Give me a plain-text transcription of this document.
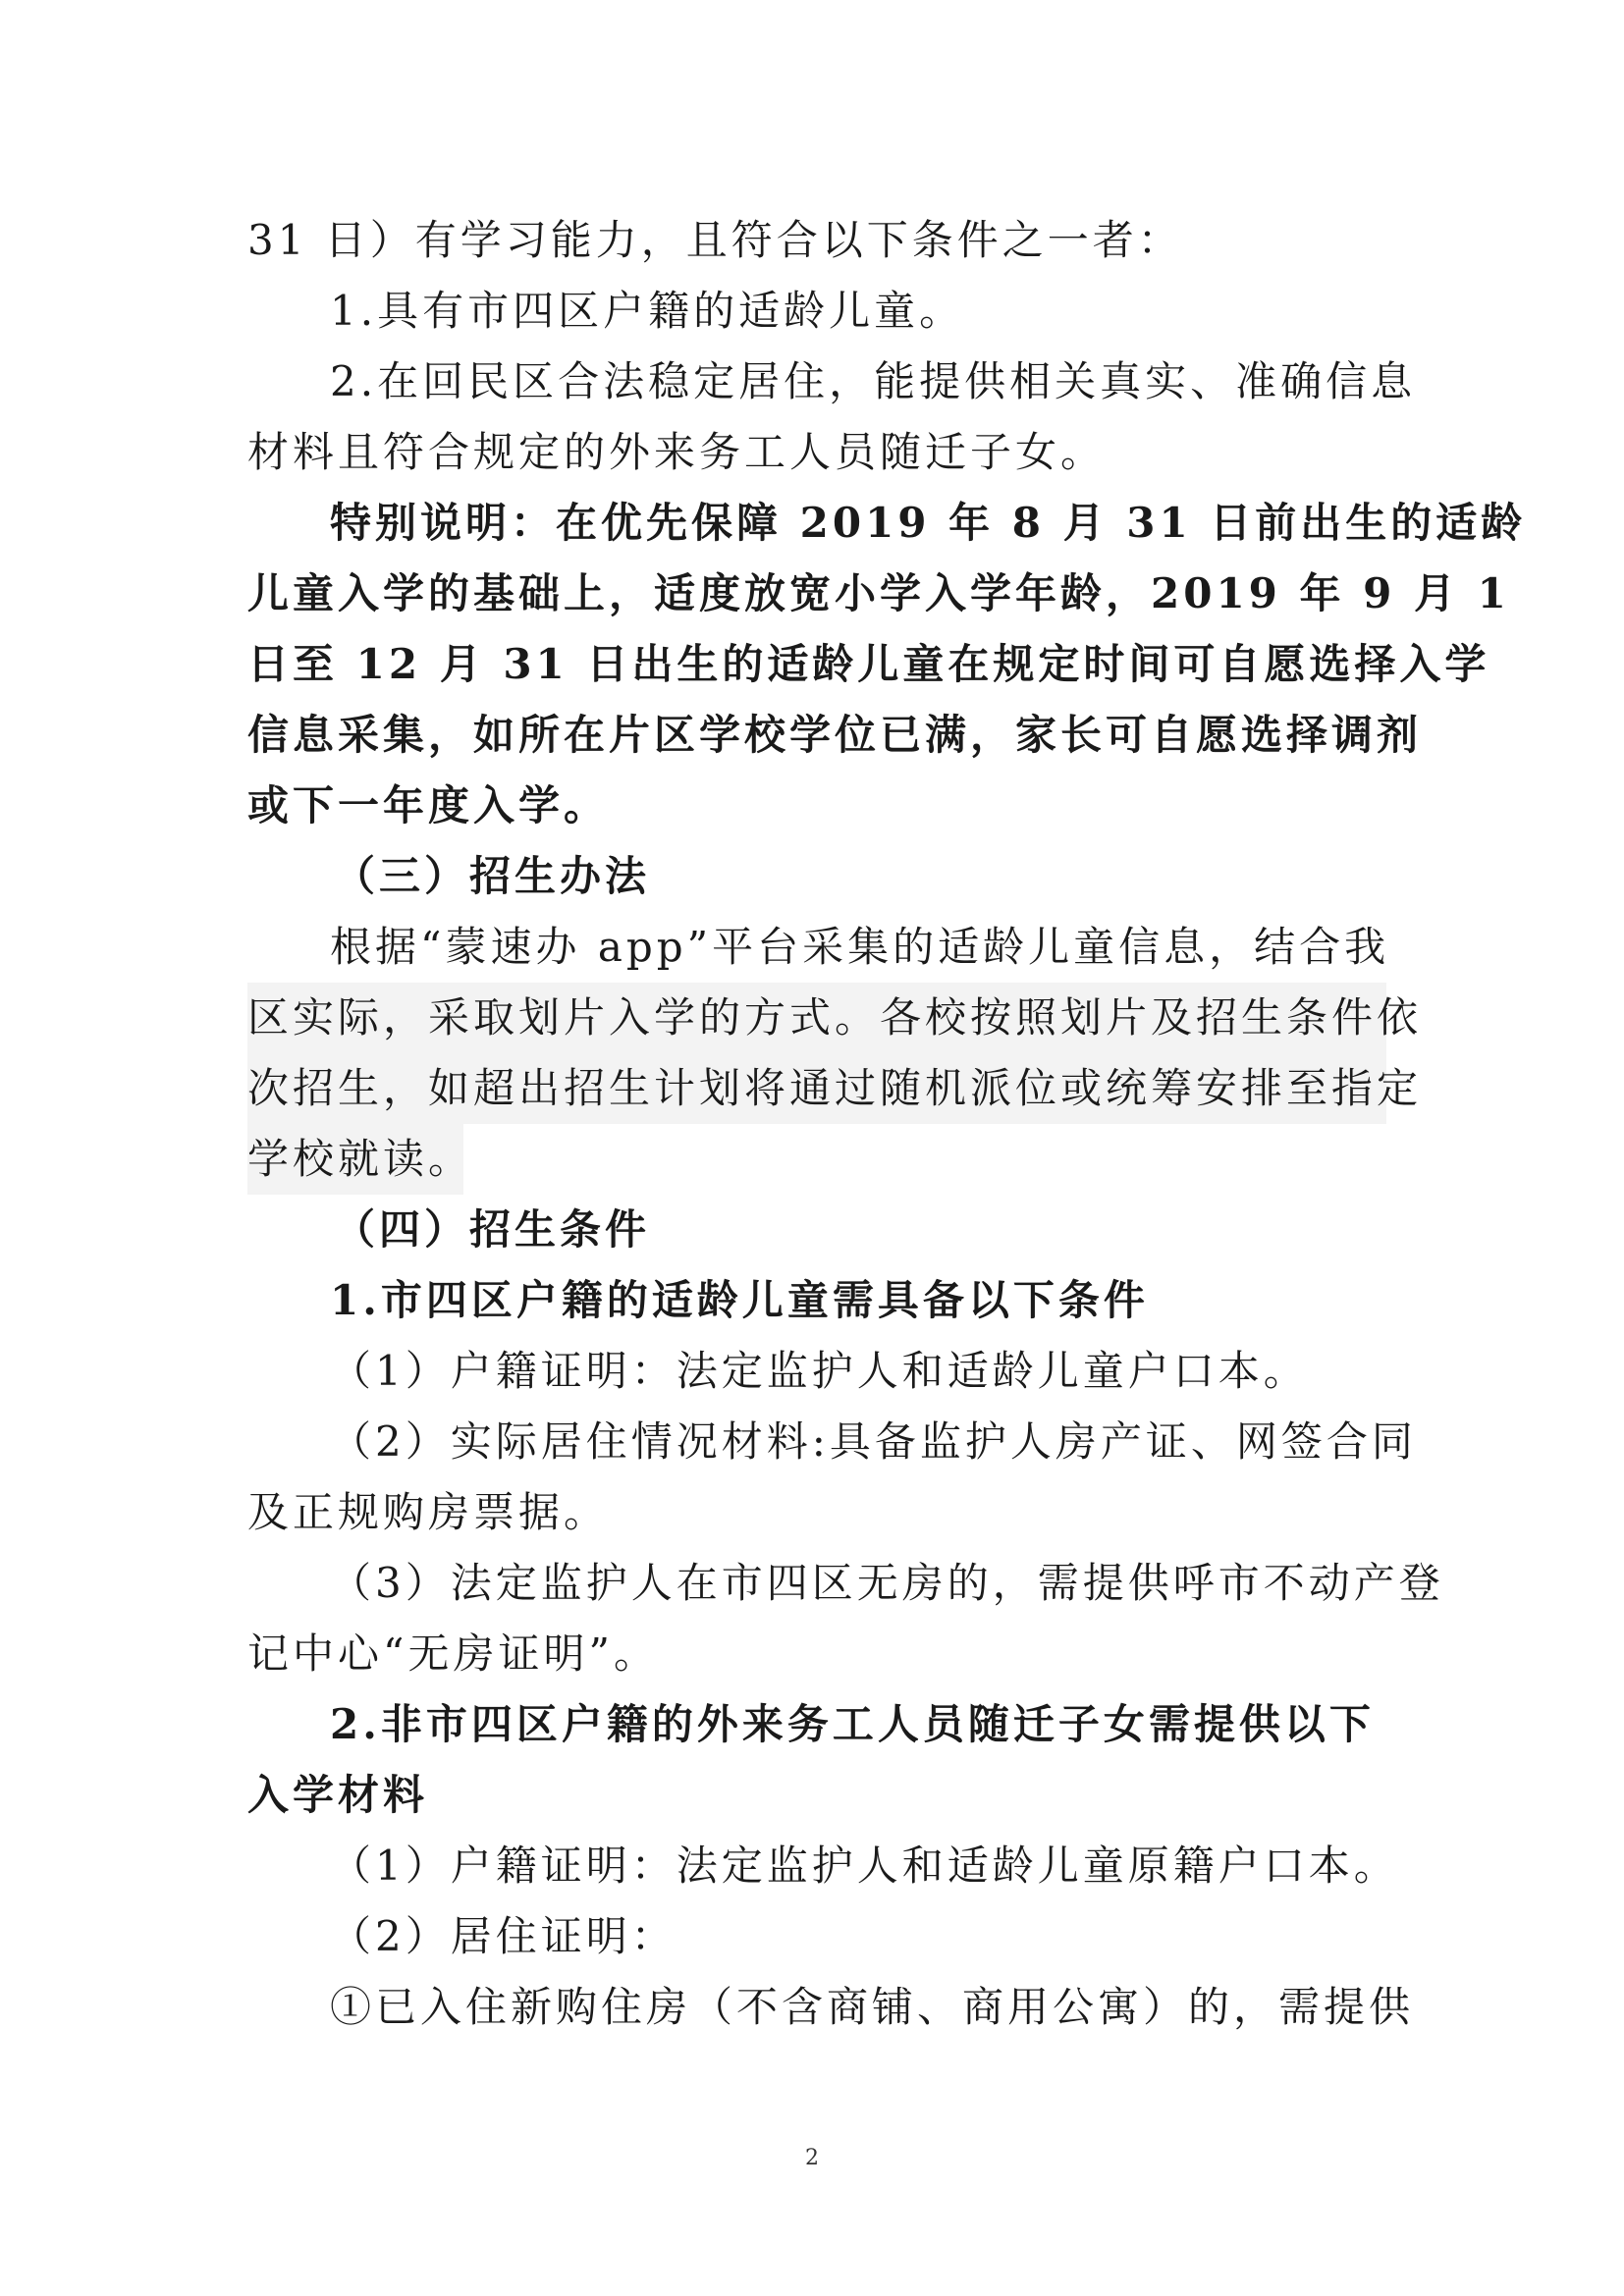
31 日）有学习能力，且符合以下条件之一者：
1.具有市四区户籍的适龄儿童。
2.在回民区合法稳定居住，能提供相关真实、准确信息
材料且符合规定的外来务工人员随迁子女。
特别说明：在优先保障 2019 年 8 月 31 日前出生的适龄
儿童入学的基础上，适度放宽小学入学年龄，2019 年 9 月 1
日至 12 月 31 日出生的适龄儿童在规定时间可自愿选择入学
信息采集，如所在片区学校学位已满，家长可自愿选择调剂
或下一年度入学。
（三）招生办法
根据“蒙速办 app”平台采集的适龄儿童信息，结合我
区实际，采取划片入学的方式。各校按照划片及招生条件依
次招生，如超出招生计划将通过随机派位或统筹安排至指定
学校就读。
（四）招生条件
1.市四区户籍的适龄儿童需具备以下条件
（1）户籍证明：法定监护人和适龄儿童户口本。
（2）实际居住情况材料:具备监护人房产证、网签合同
及正规购房票据。
（3）法定监护人在市四区无房的，需提供呼市不动产登
记中心“无房证明”。
2.非市四区户籍的外来务工人员随迁子女需提供以下
入学材料
（1）户籍证明：法定监护人和适龄儿童原籍户口本。
（2）居住证明：
①已入住新购住房（不含商铺、商用公寓）的，需提供
2
